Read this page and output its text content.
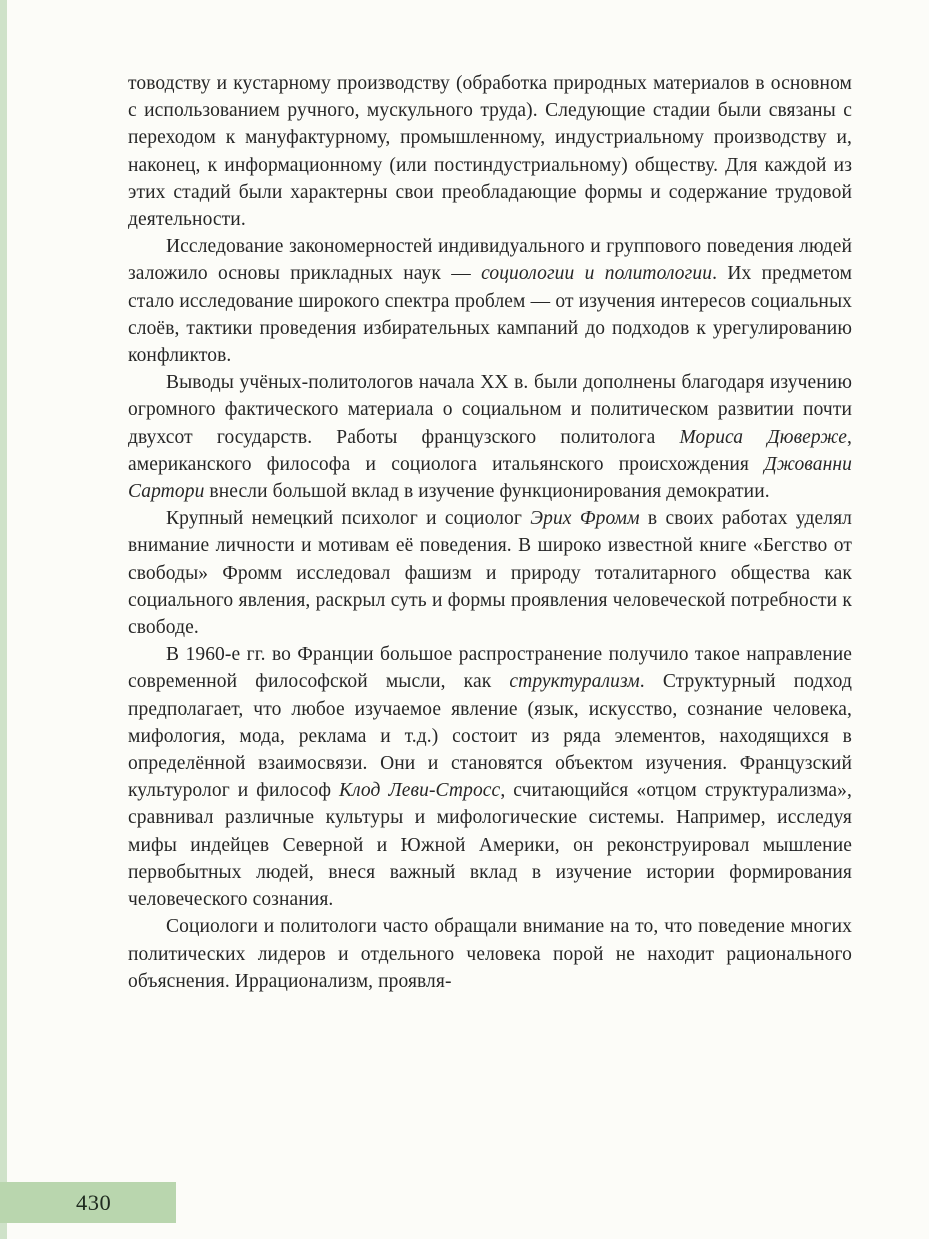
товодству и кустарному производству (обработка природных материалов в основном с использованием ручного, мускульного труда). Следующие стадии были связаны с переходом к мануфактурному, промышленному, индустриальному производству и, наконец, к информационному (или постиндустриальному) обществу. Для каждой из этих стадий были характерны свои преобладающие формы и содержание трудовой деятельности.

Исследование закономерностей индивидуального и группового поведения людей заложило основы прикладных наук — социологии и политологии. Их предметом стало исследование широкого спектра проблем — от изучения интересов социальных слоёв, тактики проведения избирательных кампаний до подходов к урегулированию конфликтов.

Выводы учёных-политологов начала XX в. были дополнены благодаря изучению огромного фактического материала о социальном и политическом развитии почти двухсот государств. Работы французского политолога Мориса Дюверже, американского философа и социолога итальянского происхождения Джованни Сартори внесли большой вклад в изучение функционирования демократии.

Крупный немецкий психолог и социолог Эрих Фромм в своих работах уделял внимание личности и мотивам её поведения. В широко известной книге «Бегство от свободы» Фромм исследовал фашизм и природу тоталитарного общества как социального явления, раскрыл суть и формы проявления человеческой потребности к свободе.

В 1960-е гг. во Франции большое распространение получило такое направление современной философской мысли, как структурализм. Структурный подход предполагает, что любое изучаемое явление (язык, искусство, сознание человека, мифология, мода, реклама и т.д.) состоит из ряда элементов, находящихся в определённой взаимосвязи. Они и становятся объектом изучения. Французский культуролог и философ Клод Леви-Стросс, считающийся «отцом структурализма», сравнивал различные культуры и мифологические системы. Например, исследуя мифы индейцев Северной и Южной Америки, он реконструировал мышление первобытных людей, внеся важный вклад в изучение истории формирования человеческого сознания.

Социологи и политологи часто обращали внимание на то, что поведение многих политических лидеров и отдельного человека порой не находит рационального объяснения. Иррационализм, проявля-

430
